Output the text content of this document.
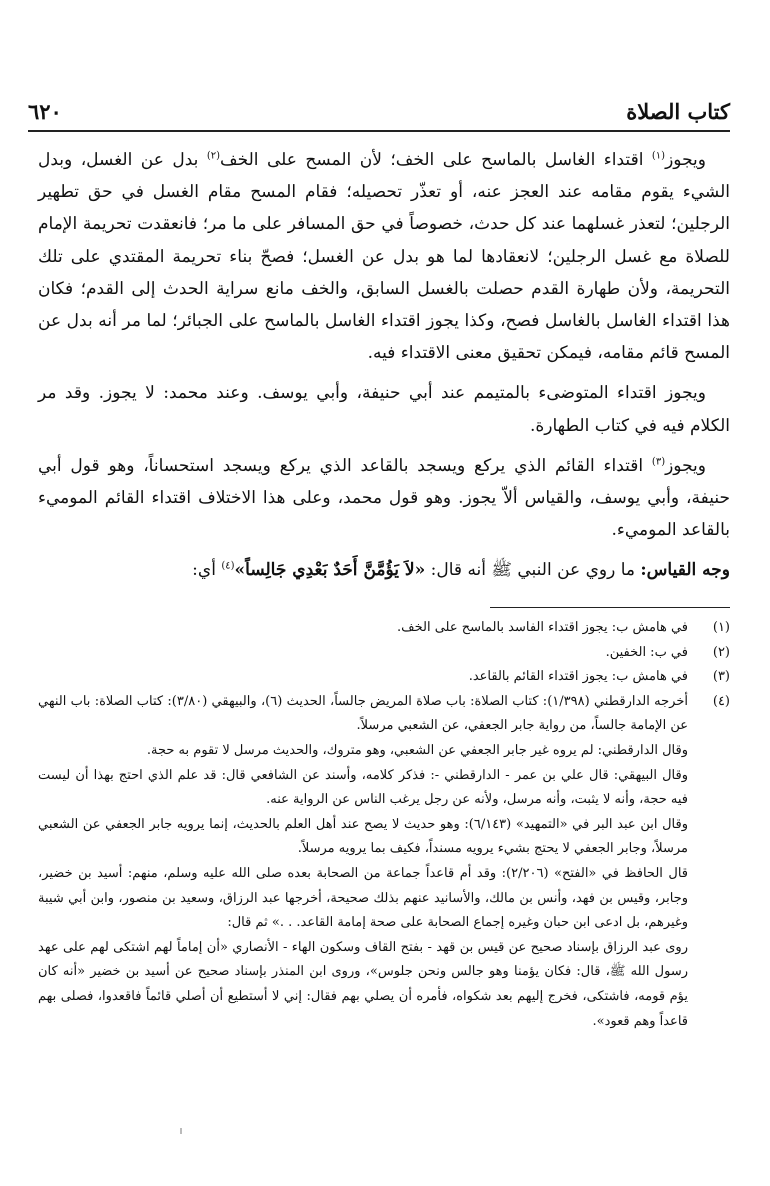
كتاب الصلاة
٦٢٠

ويجوز$^{(١)}$ اقتداء الغاسل بالماسح على الخف؛ لأن المسح على الخف$^{(٢)}$ بدل عن الغسل، وبدل الشيء يقوم مقامه عند العجز عنه، أو تعذّر تحصيله؛ فقام المسح مقام الغسل في حق تطهير الرجلين؛ لتعذر غسلهما عند كل حدث، خصوصاً في حق المسافر على ما مر؛ فانعقدت تحريمة الإمام للصلاة مع غسل الرجلين؛ لانعقادها لما هو بدل عن الغسل؛ فصحّ بناء تحريمة المقتدي على تلك التحريمة، ولأن طهارة القدم حصلت بالغسل السابق، والخف مانع سراية الحدث إلى القدم؛ فكان هذا اقتداء الغاسل بالغاسل فصح، وكذا يجوز اقتداء الغاسل بالماسح على الجبائر؛ لما مر أنه بدل عن المسح قائم مقامه، فيمكن تحقيق معنى الاقتداء فيه.

ويجوز اقتداء المتوضىء بالمتيمم عند أبي حنيفة، وأبي يوسف. وعند محمد: لا يجوز. وقد مر الكلام فيه في كتاب الطهارة.

ويجوز$^{(٣)}$ اقتداء القائم الذي يركع ويسجد بالقاعد الذي يركع ويسجد استحساناً، وهو قول أبي حنيفة، وأبي يوسف، والقياس ألاّ يجوز. وهو قول محمد، وعلى هذا الاختلاف اقتداء القائم الموميء بالقاعد الموميء.

وجه القياس: ما روي عن النبي ﷺ أنه قال: «لاَ يَؤُمَّنَّ أَحَدٌ بَعْدِي جَالِساً»$^{(٤)}$ أي:

(١)
في هامش ب: يجوز اقتداء الفاسد بالماسح على الخف.
(٢)
في ب: الخفين.
(٣)
في هامش ب: يجوز اقتداء القائم بالقاعد.
(٤)
أخرجه الدارقطني (١/٣٩٨): كتاب الصلاة: باب صلاة المريض جالساً، الحديث (٦)، والبيهقي (٣/٨٠): كتاب الصلاة: باب النهي عن الإمامة جالساً، من رواية جابر الجعفي، عن الشعبي مرسلاً.
وقال الدارقطني: لم يروه غير جابر الجعفي عن الشعبي، وهو متروك، والحديث مرسل لا تقوم به حجة.
وقال البيهقي: قال علي بن عمر - الدارقطني -: فذكر كلامه، وأسند عن الشافعي قال: قد علم الذي احتج بهذا أن ليست فيه حجة، وأنه لا يثبت، وأنه مرسل، ولأنه عن رجل يرغب الناس عن الرواية عنه.
وقال ابن عبد البر في «التمهيد» (٦/١٤٣): وهو حديث لا يصح عند أهل العلم بالحديث، إنما يرويه جابر الجعفي عن الشعبي مرسلاً، وجابر الجعفي لا يحتج بشيء يرويه مسنداً، فكيف بما يرويه مرسلاً.
قال الحافظ في «الفتح» (٢/٢٠٦): وقد أم قاعداً جماعة من الصحابة بعده صلى الله عليه وسلم، منهم: أسيد بن خضير، وجابر، وقيس بن فهد، وأنس بن مالك، والأسانيد عنهم بذلك صحيحة، أخرجها عبد الرزاق، وسعيد بن منصور، وابن أبي شيبة وغيرهم، بل ادعى ابن حبان وغيره إجماع الصحابة على صحة إمامة القاعد. . .» ثم قال:
روى عبد الرزاق بإسناد صحيح عن قيس بن قهد - بفتح القاف وسكون الهاء - الأنصاري «أن إماماً لهم اشتكى لهم على عهد رسول الله ﷺ، قال: فكان يؤمنا وهو جالس ونحن جلوس»، وروى ابن المنذر بإسناد صحيح عن أسيد بن خضير «أنه كان يؤم قومه، فاشتكى، فخرج إليهم بعد شكواه، فأمره أن يصلي بهم فقال: إني لا أستطيع أن أصلي قائماً فاقعدوا، فصلى بهم قاعداً وهم قعود».
